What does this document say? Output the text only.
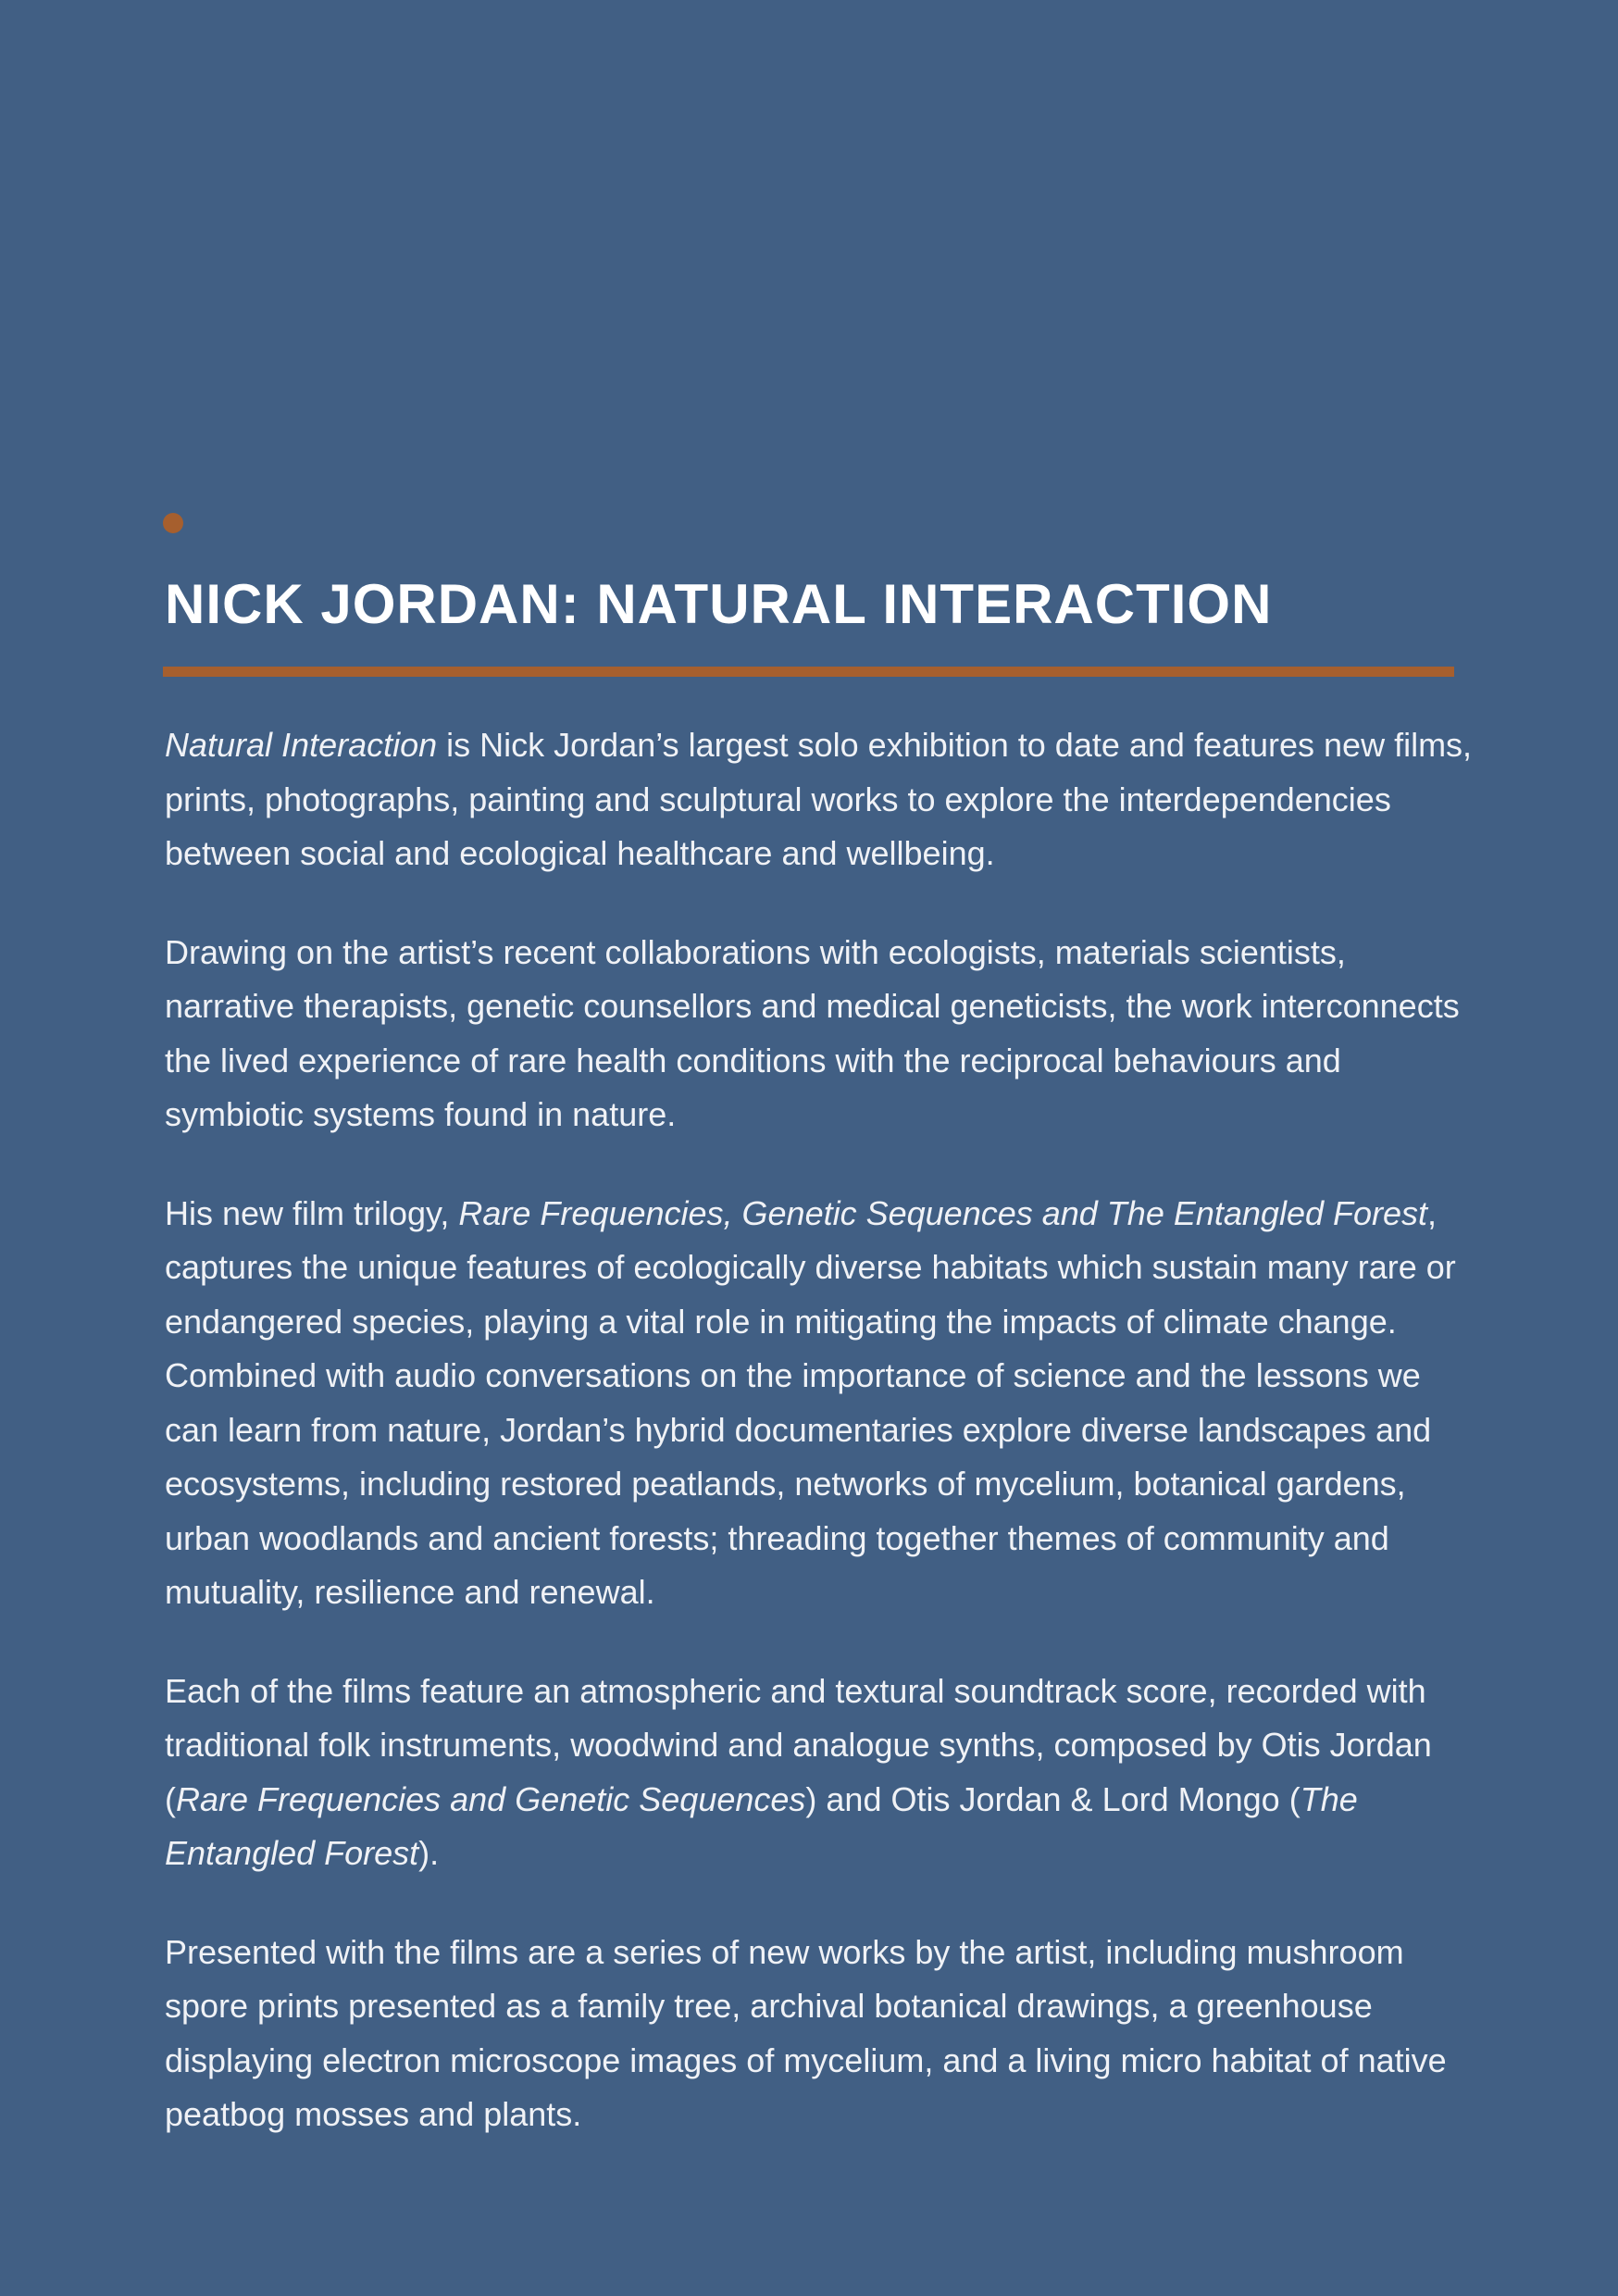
NICK JORDAN: NATURAL INTERACTION

Natural Interaction is Nick Jordan’s largest solo exhibition to date and features new films, prints, photographs, painting and sculptural works to explore the interdependencies between social and ecological healthcare and wellbeing.

Drawing on the artist’s recent collaborations with ecologists, materials scientists, narrative therapists, genetic counsellors and medical geneticists, the work interconnects the lived experience of rare health conditions with the reciprocal behaviours and symbiotic systems found in nature.

His new film trilogy, Rare Frequencies, Genetic Sequences and The Entangled Forest, captures the unique features of ecologically diverse habitats which sustain many rare or endangered species, playing a vital role in mitigating the impacts of climate change. Combined with audio conversations on the importance of science and the lessons we can learn from nature, Jordan’s hybrid documentaries explore diverse landscapes and ecosystems, including restored peatlands, networks of mycelium, botanical gardens, urban woodlands and ancient forests; threading together themes of community and mutuality, resilience and renewal.

Each of the films feature an atmospheric and textural soundtrack score, recorded with traditional folk instruments, woodwind and analogue synths, composed by Otis Jordan (Rare Frequencies and Genetic Sequences) and Otis Jordan & Lord Mongo (The Entangled Forest).

Presented with the films are a series of new works by the artist, including mushroom spore prints presented as a family tree, archival botanical drawings, a greenhouse displaying electron microscope images of mycelium, and a living micro habitat of native peatbog mosses and plants.
